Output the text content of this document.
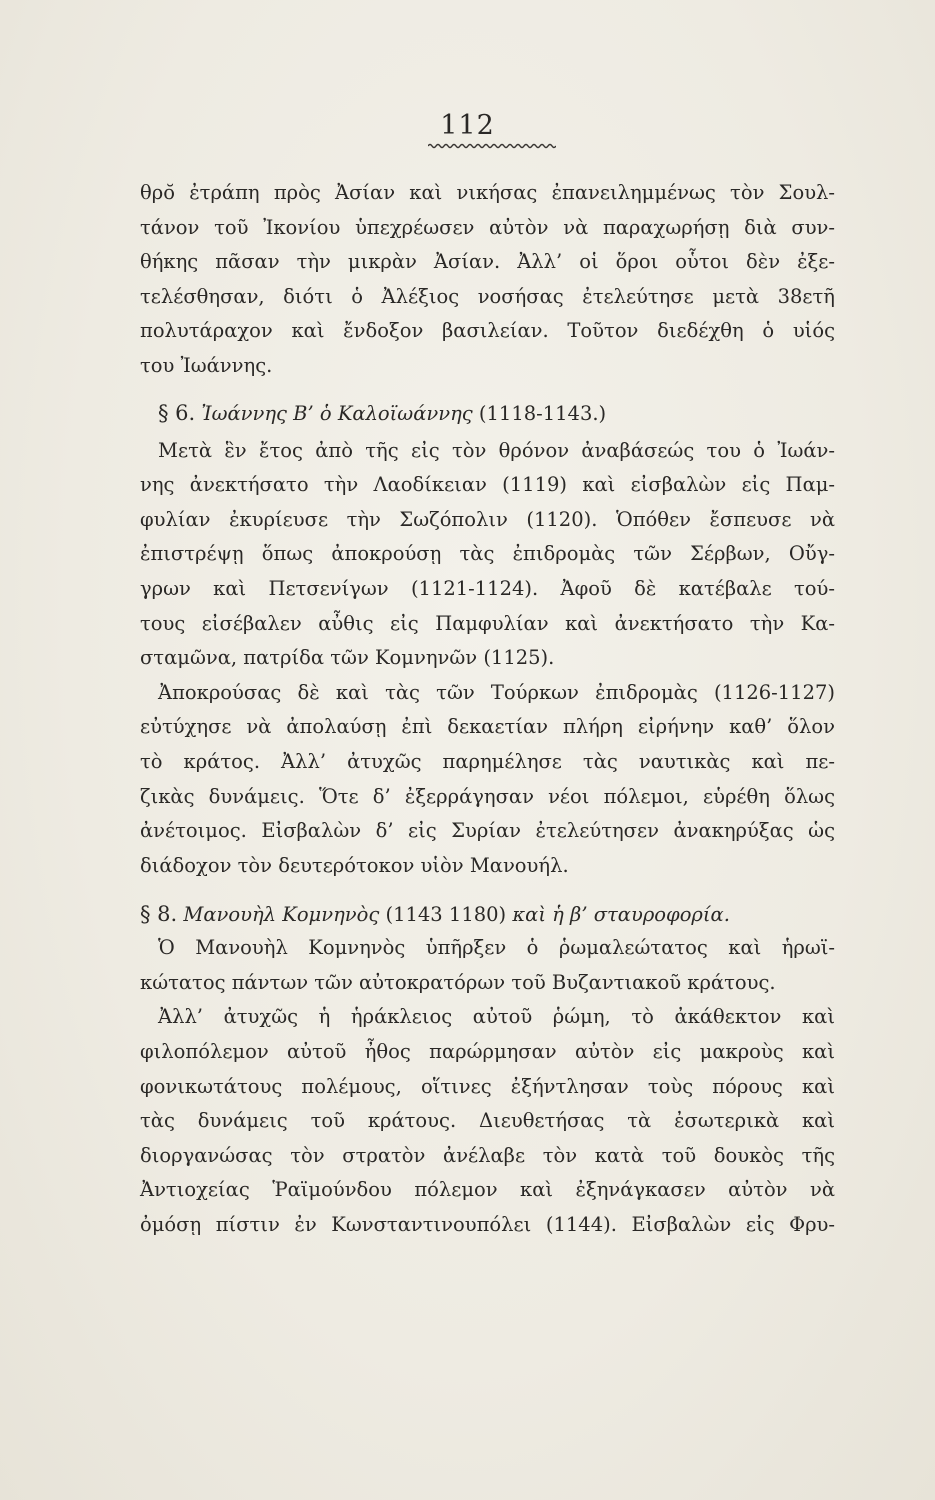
112
θρο̆ ἐτράπη πρὸς Ἀσίαν καὶ νικήσας ἐπανειλημμένως τὸν Σουλ-
τάνον τοῦ Ἰκονίου ὑπεχρέωσεν αὐτὸν νὰ παραχωρήσῃ διὰ συν-
θήκης πᾶσαν τὴν μικρὰν Ἀσίαν. Ἀλλ’ οἱ ὅροι οὗτοι δὲν ἐξε-
τελέσθησαν, διότι ὁ Ἀλέξιος νοσήσας ἐτελεύτησε μετὰ 38ετῆ
πολυτάραχον καὶ ἔνδοξον βασιλείαν. Τοῦτον διεδέχθη ὁ υἱός
του Ἰωάννης.
§ 6. Ἰωάννης Β’ ὁ Καλοϊωάννης (1118-1143.)
Μετὰ ἓν ἔτος ἀπὸ τῆς εἰς τὸν θρόνον ἀναβάσεώς του ὁ Ἰωάν-
νης ἀνεκτήσατο τὴν Λαοδίκειαν (1119) καὶ εἰσβαλὼν εἰς Παμ-
φυλίαν ἐκυρίευσε τὴν Σωζόπολιν (1120). Ὁπόθεν ἔσπευσε νὰ
ἐπιστρέψῃ ὅπως ἀποκρούσῃ τὰς ἐπιδρομὰς τῶν Σέρβων, Οὔγ-
γρων καὶ Πετσενίγων (1121-1124). Ἀφοῦ δὲ κατέβαλε τού-
τους εἰσέβαλεν αὖθις εἰς Παμφυλίαν καὶ ἀνεκτήσατο τὴν Κα-
σταμῶνα, πατρίδα τῶν Κομνηνῶν (1125).
Ἀποκρούσας δὲ καὶ τὰς τῶν Τούρκων ἐπιδρομὰς (1126-1127)
εὐτύχησε νὰ ἀπολαύσῃ ἐπὶ δεκαετίαν πλήρη εἰρήνην καθ’ ὅλον
τὸ κράτος. Ἀλλ’ ἀτυχῶς παρημέλησε τὰς ναυτικὰς καὶ πε-
ζικὰς δυνάμεις. Ὅτε δ’ ἐξερράγησαν νέοι πόλεμοι, εὑρέθη ὅλως
ἀνέτοιμος. Εἰσβαλὼν δ’ εἰς Συρίαν ἐτελεύτησεν ἀνακηρύξας ὡς
διάδοχον τὸν δευτερότοκον υἱὸν Μανουήλ.
§ 8. Μανουὴλ Κομνηνὸς (1143 1180) καὶ ἡ β’ σταυροφορία.
Ὁ Μανουὴλ Κομνηνὸς ὑπῆρξεν ὁ ῥωμαλεώτατος καὶ ἡρωϊ-
κώτατος πάντων τῶν αὐτοκρατόρων τοῦ Βυζαντιακοῦ κράτους.
Ἀλλ’ ἀτυχῶς ἡ ἡράκλειος αὐτοῦ ῥώμη, τὸ ἀκάθεκτον καὶ
φιλοπόλεμον αὐτοῦ ἦθος παρώρμησαν αὐτὸν εἰς μακροὺς καὶ
φονικωτάτους πολέμους, οἵτινες ἐξήντλησαν τοὺς πόρους καὶ
τὰς δυνάμεις τοῦ κράτους. Διευθετήσας τὰ ἐσωτερικὰ καὶ
διοργανώσας τὸν στρατὸν ἀνέλαβε τὸν κατὰ τοῦ δουκὸς τῆς
Ἀντιοχείας Ῥαϊμούνδου πόλεμον καὶ ἐξηνάγκασεν αὐτὸν νὰ
ὀμόσῃ πίστιν ἐν Κωνσταντινουπόλει (1144). Εἰσβαλὼν εἰς Φρυ-
